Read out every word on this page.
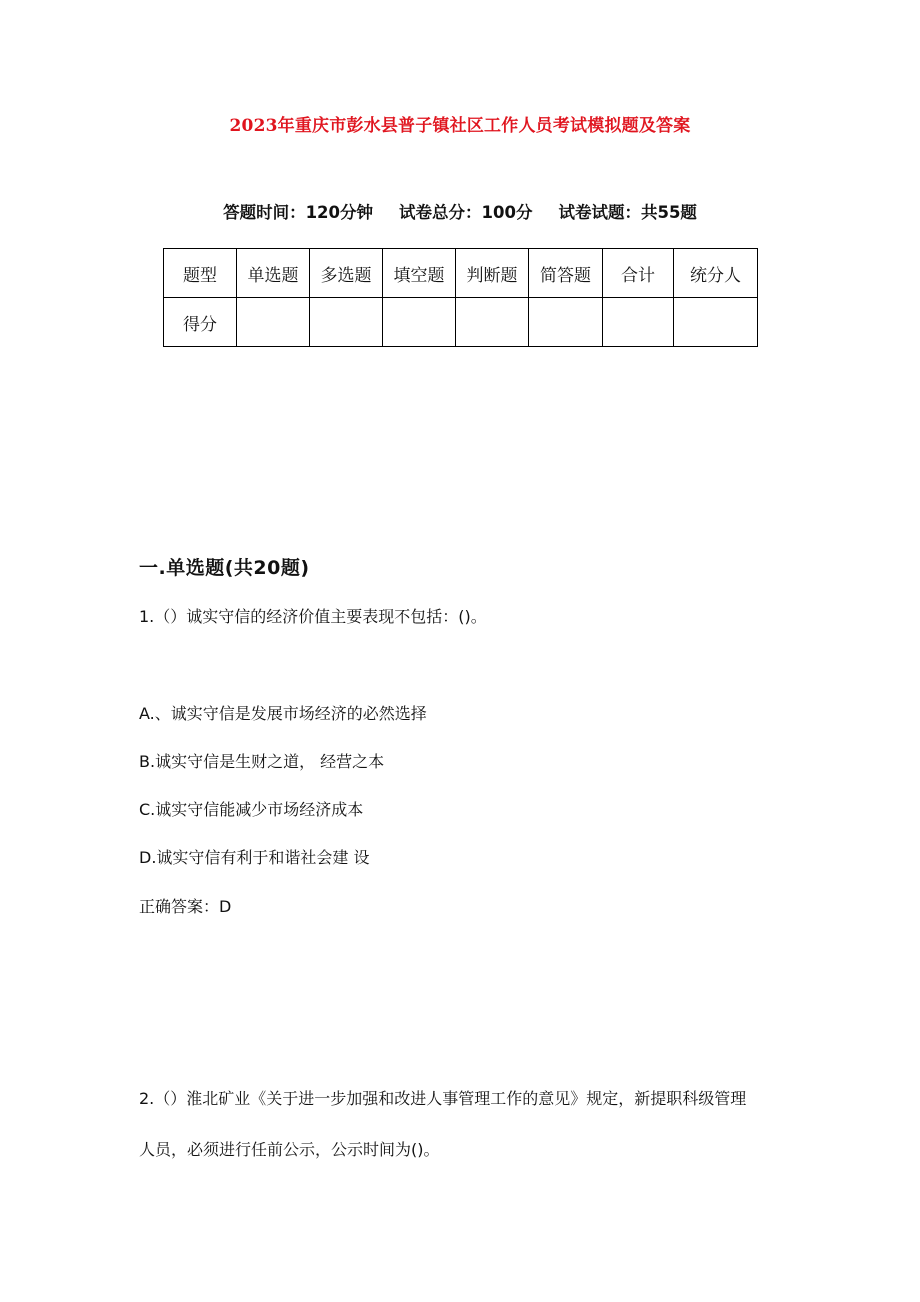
2023年重庆市彭水县普子镇社区工作人员考试模拟题及答案
答题时间：120分钟 试卷总分：100分 试卷试题：共55题
题型	单选题	多选题	填空题	判断题	简答题	合计	统分人
得分							
一.单选题(共20题)
1.（）诚实守信的经济价值主要表现不包括：()。
A.、诚实守信是发展市场经济的必然选择
B.诚实守信是生财之道， 经营之本
C.诚实守信能减少市场经济成本
D.诚实守信有利于和谐社会建 设
正确答案：D
2.（）淮北矿业《关于进一步加强和改进人事管理工作的意见》规定，新提职科级管理
人员，必须进行任前公示，公示时间为()。
